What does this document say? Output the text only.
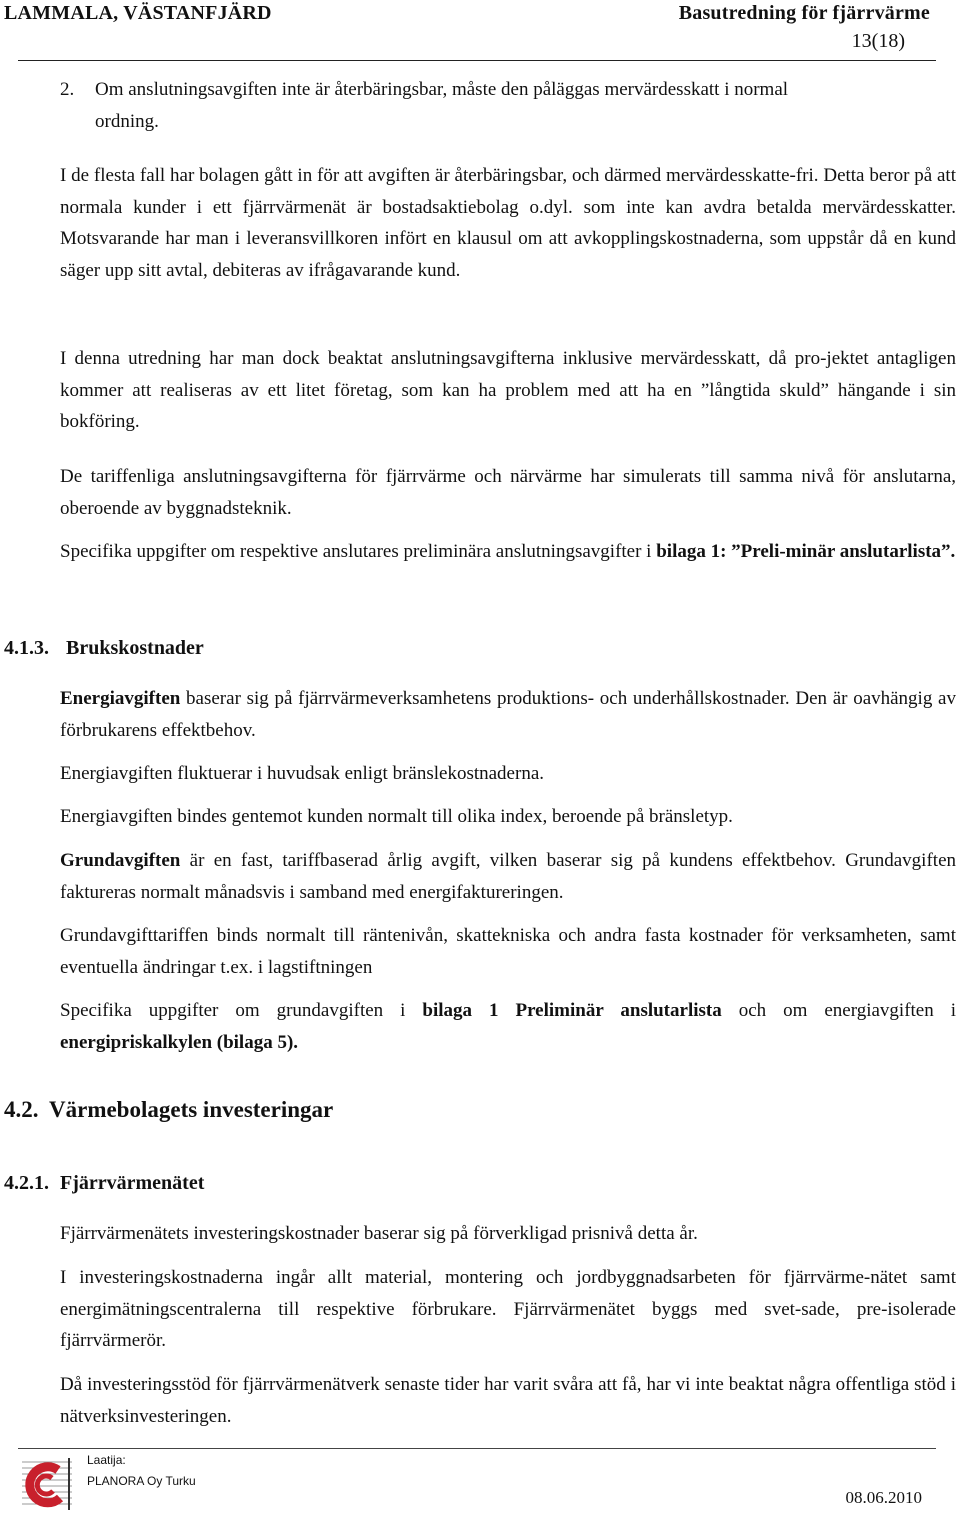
LAMMALA, VÄSTANFJÄRD	Basutredning för fjärrvärme
13(18)
2. Om anslutningsavgiften inte är återbäringsbar, måste den påläggas mervärdesskatt i normal
ordning.

I de flesta fall har bolagen gått in för att avgiften är återbäringsbar, och därmed mervärdesskatte-fri. Detta beror på att normala kunder i ett fjärrvärmenät är bostadsaktiebolag o.dyl. som inte kan avdra betalda mervärdesskatter. Motsvarande har man i leveransvillkoren infört en klausul om att avkopplingskostnaderna, som uppstår då en kund säger upp sitt avtal, debiteras av ifrågavarande kund.

I denna utredning har man dock beaktat anslutningsavgifterna inklusive mervärdesskatt, då pro-jektet antagligen kommer att realiseras av ett litet företag, som kan ha problem med att ha en ”långtida skuld” hängande i sin bokföring.

De tariffenliga anslutningsavgifterna för fjärrvärme och närvärme har simulerats till samma nivå för anslutarna, oberoende av byggnadsteknik.

Specifika uppgifter om respektive anslutares preliminära anslutningsavgifter i bilaga 1: ”Preli-minär anslutarlista”.

4.1.3. Brukskostnader

Energiavgiften baserar sig på fjärrvärmeverksamhetens produktions- och underhållskostnader. Den är oavhängig av förbrukarens effektbehov.

Energiavgiften fluktuerar i huvudsak enligt bränslekostnaderna.

Energiavgiften bindes gentemot kunden normalt till olika index, beroende på bränsletyp.

Grundavgiften är en fast, tariffbaserad årlig avgift, vilken baserar sig på kundens effektbehov. Grundavgiften faktureras normalt månadsvis i samband med energifaktureringen.

Grundavgifttariffen binds normalt till räntenivån, skattekniska och andra fasta kostnader för verksamheten, samt eventuella ändringar t.ex. i lagstiftningen

Specifika uppgifter om grundavgiften i bilaga 1 Preliminär anslutarlista och om energiavgiften i energipriskalkylen (bilaga 5).

4.2. Värmebolagets investeringar
4.2.1. Fjärrvärmenätet

Fjärrvärmenätets investeringskostnader baserar sig på förverkligad prisnivå detta år.

I investeringskostnaderna ingår allt material, montering och jordbyggnadsarbeten för fjärrvärme-nätet samt energimätningscentralerna till respektive förbrukare. Fjärrvärmenätet byggs med svet-sade, pre-isolerade fjärrvärmerör.

Då investeringsstöd för fjärrvärmenätverk senaste tider har varit svåra att få, har vi inte beaktat några offentliga stöd i nätverksinvesteringen.

Laatija:
PLANORA Oy Turku
08.06.2010
